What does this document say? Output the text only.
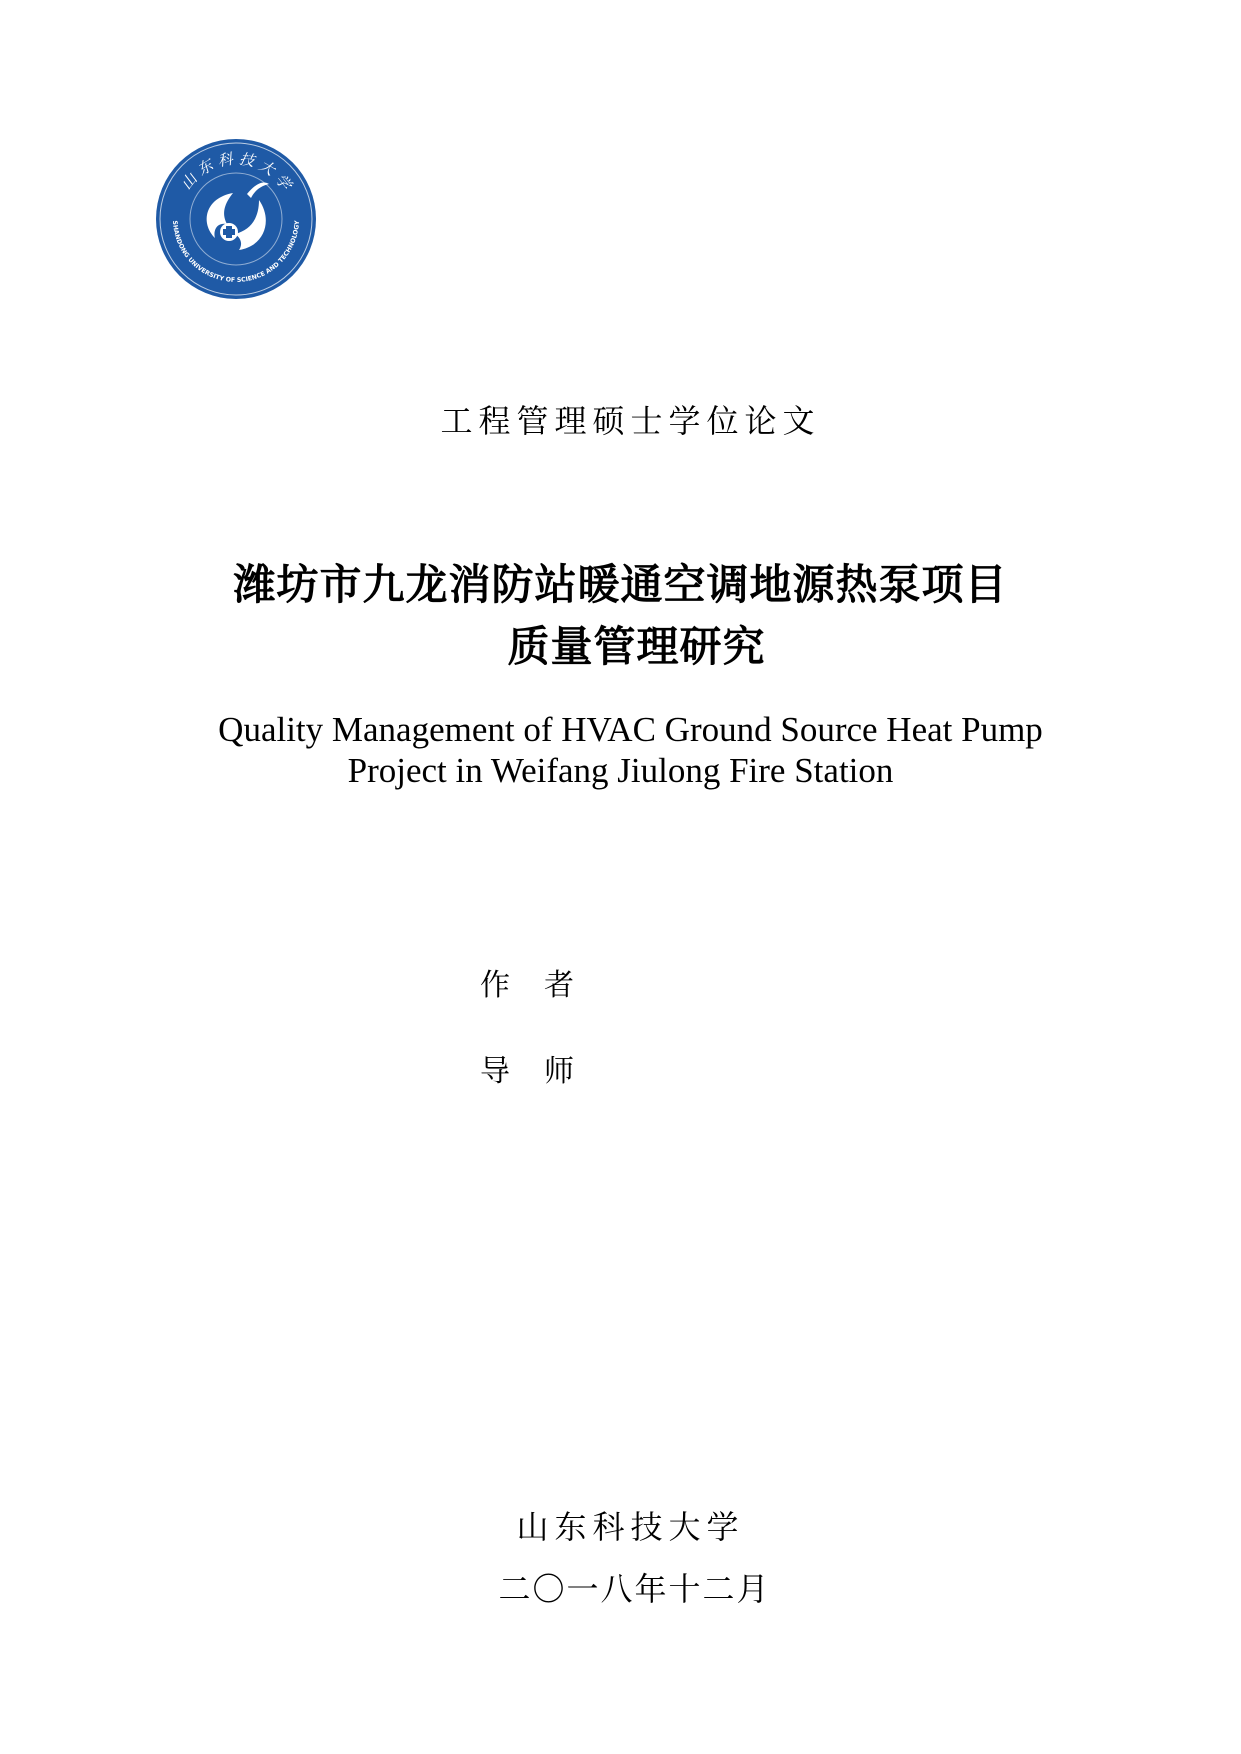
山 东 科 技 大 学
SHANDONG UNIVERSITY OF SCIENCE AND TECHNOLOGY
工程管理硕士学位论文
潍坊市九龙消防站暖通空调地源热泵项目
质量管理研究
Quality Management of HVAC Ground Source Heat Pump
Project in Weifang Jiulong Fire Station
作者
导师
山东科技大学
二〇一八年十二月
